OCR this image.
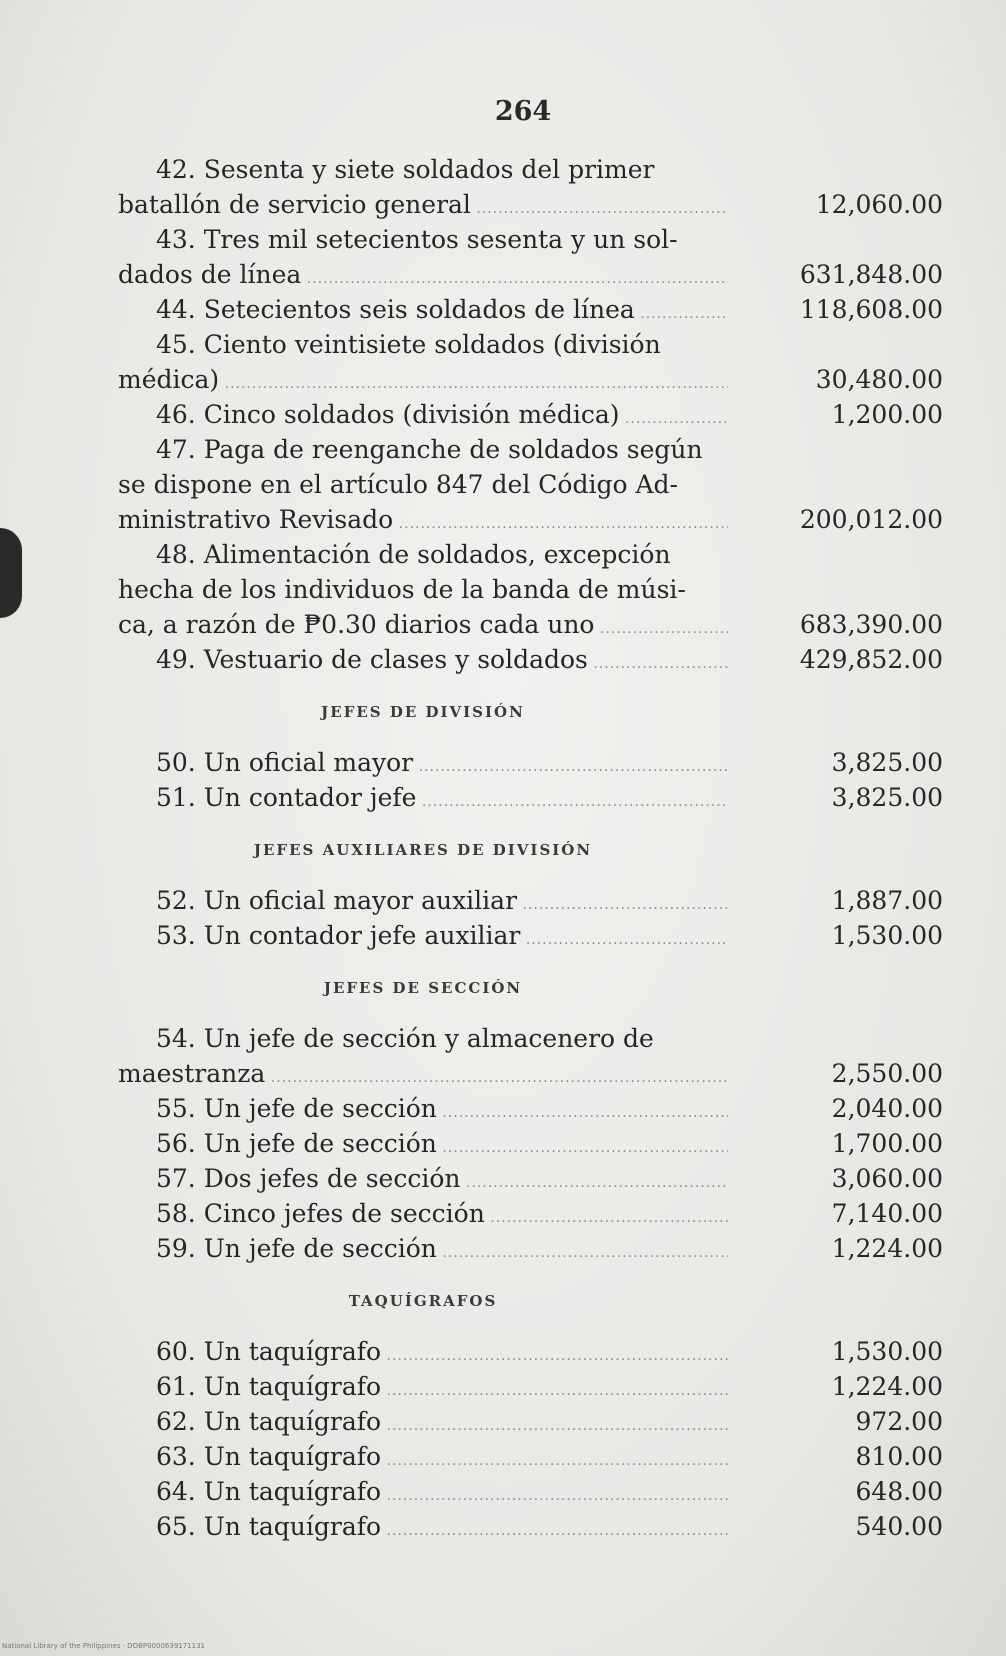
264
42. Sesenta y siete soldados del primer
batallón de servicio general .....	12,060.00
43. Tres mil setecientos sesenta y un sol-
dados de línea .....	631,848.00
44. Setecientos seis soldados de línea .....	118,608.00
45. Ciento veintisiete soldados (división
médica) .....	30,480.00
46. Cinco soldados (división médica) .....	1,200.00
47. Paga de reenganche de soldados según
se dispone en el artículo 847 del Código Ad-
ministrativo Revisado .....	200,012.00
48. Alimentación de soldados, excepción
hecha de los individuos de la banda de músi-
ca, a razón de ₱0.30 diarios cada uno .....	683,390.00
49. Vestuario de clases y soldados .....	429,852.00
JEFES DE DIVISIÓN
50. Un oficial mayor .....	3,825.00
51. Un contador jefe .....	3,825.00
JEFES AUXILIARES DE DIVISIÓN
52. Un oficial mayor auxiliar .....	1,887.00
53. Un contador jefe auxiliar .....	1,530.00
JEFES DE SECCIÓN
54. Un jefe de sección y almacenero de
maestranza .....	2,550.00
55. Un jefe de sección .....	2,040.00
56. Un jefe de sección .....	1,700.00
57. Dos jefes de sección .....	3,060.00
58. Cinco jefes de sección .....	7,140.00
59. Un jefe de sección .....	1,224.00
TAQUÍGRAFOS
60. Un taquígrafo .....	1,530.00
61. Un taquígrafo .....	1,224.00
62. Un taquígrafo .....	972.00
63. Un taquígrafo .....	810.00
64. Un taquígrafo .....	648.00
65. Un taquígrafo .....	540.00
National Library of the Philippines · DOBP0000639171131
